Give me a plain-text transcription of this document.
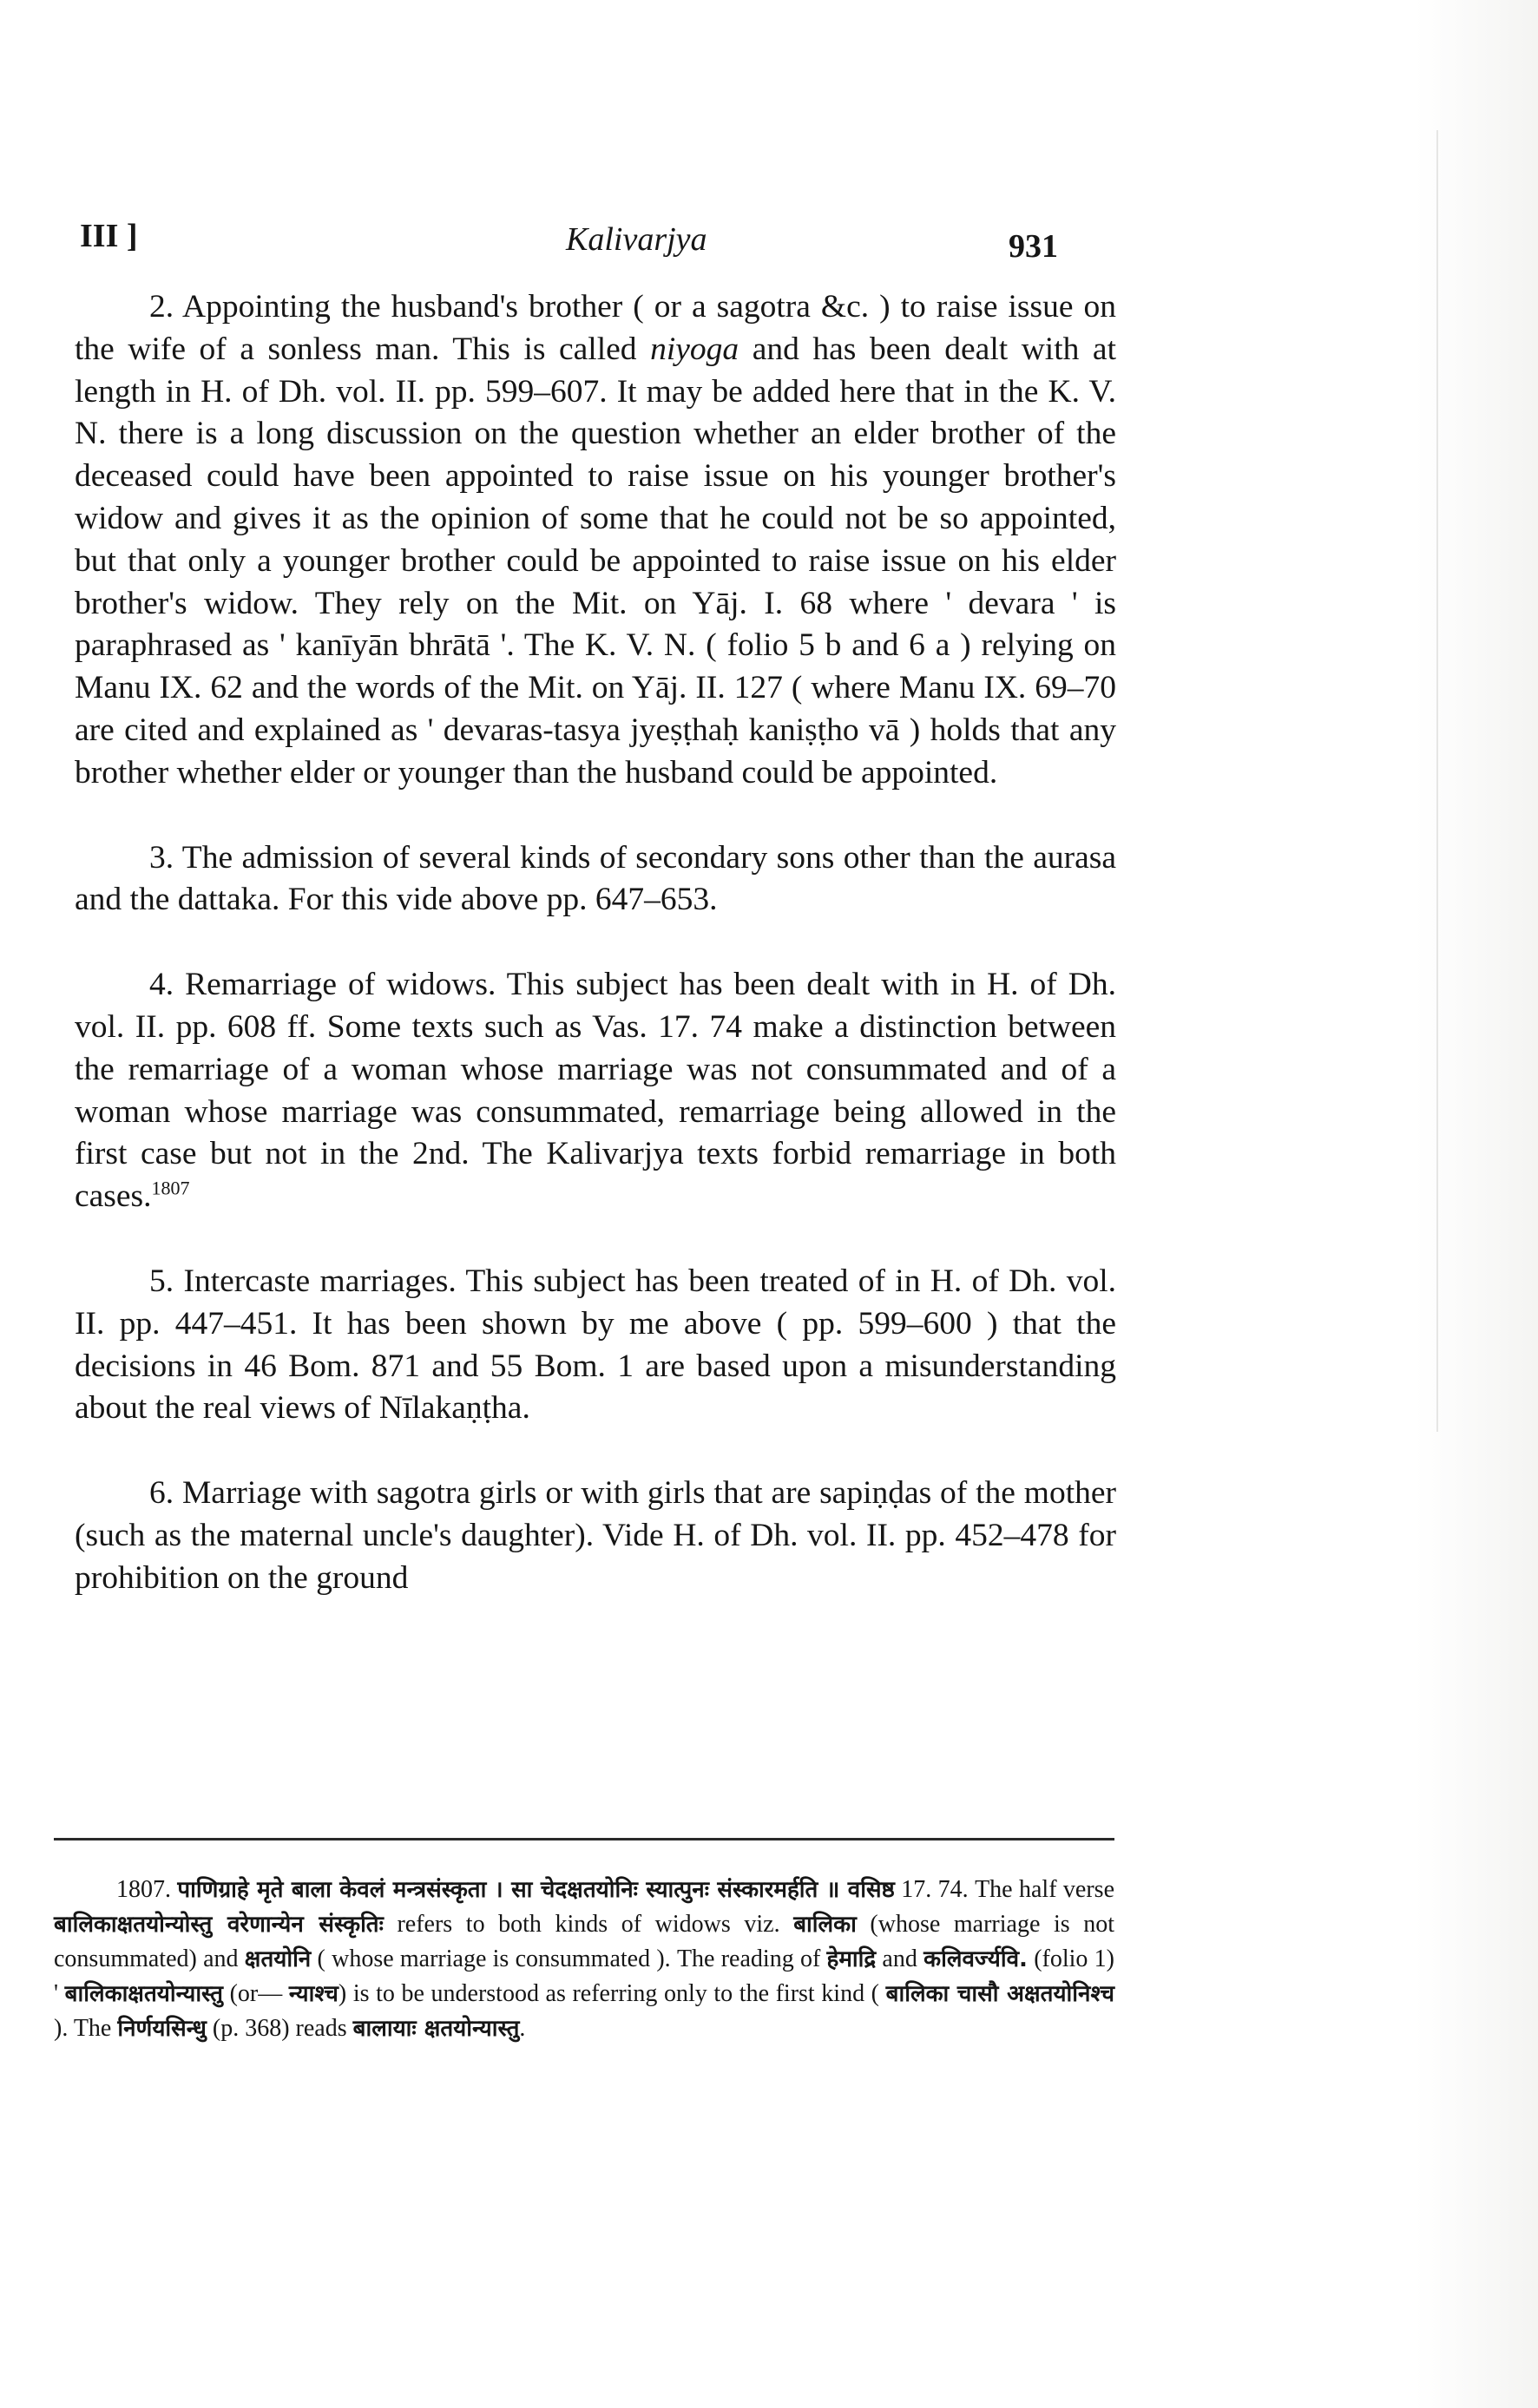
III ]	Kalivarjya	931

2. Appointing the husband's brother ( or a sagotra &c. ) to raise issue on the wife of a sonless man. This is called niyoga and has been dealt with at length in H. of Dh. vol. II. pp. 599–607. It may be added here that in the K. V. N. there is a long discussion on the question whether an elder brother of the deceased could have been appointed to raise issue on his younger brother's widow and gives it as the opinion of some that he could not be so appointed, but that only a younger brother could be appointed to raise issue on his elder brother's widow. They rely on the Mit. on Yāj. I. 68 where ' devara ' is paraphrased as ' kanīyān bhrātā '. The K. V. N. ( folio 5 b and 6 a ) relying on Manu IX. 62 and the words of the Mit. on Yāj. II. 127 ( where Manu IX. 69–70 are cited and explained as ' devaras-tasya jyeṣṭhaḥ kaniṣṭho vā ) holds that any brother whether elder or younger than the husband could be appointed.

3. The admission of several kinds of secondary sons other than the aurasa and the dattaka. For this vide above pp. 647–653.

4. Remarriage of widows. This subject has been dealt with in H. of Dh. vol. II. pp. 608 ff. Some texts such as Vas. 17. 74 make a distinction between the remarriage of a woman whose marriage was not consummated and of a woman whose marriage was consummated, remarriage being allowed in the first case but not in the 2nd. The Kalivarjya texts forbid remarriage in both cases.$^{1807}$

5. Intercaste marriages. This subject has been treated of in H. of Dh. vol. II. pp. 447–451. It has been shown by me above ( pp. 599–600 ) that the decisions in 46 Bom. 871 and 55 Bom. 1 are based upon a misunderstanding about the real views of Nīlakaṇṭha.

6. Marriage with sagotra girls or with girls that are sapiṇḍas of the mother (such as the maternal uncle's daughter). Vide H. of Dh. vol. II. pp. 452–478 for prohibition on the ground

1807. पाणिग्राहे मृते बाला केवलं मन्त्रसंस्कृता । सा चेदक्षतयोनिः स्यात्पुनः संस्कारमर्हति ॥ वसिष्ठ 17. 74. The half verse बालिकाक्षतयोन्योस्तु वरेणान्येन संस्कृतिः refers to both kinds of widows viz. बालिका (whose marriage is not consummated) and क्षतयोनि ( whose marriage is consummated ). The reading of हेमाद्रि and कलिवर्ज्यवि. (folio 1) ' बालिकाक्षतयोन्यास्तु (or— न्याश्च) is to be understood as referring only to the first kind ( बालिका चासौ अक्षतयोनिश्च ). The निर्णयसिन्धु (p. 368) reads बालायाः क्षतयोन्यास्तु.
